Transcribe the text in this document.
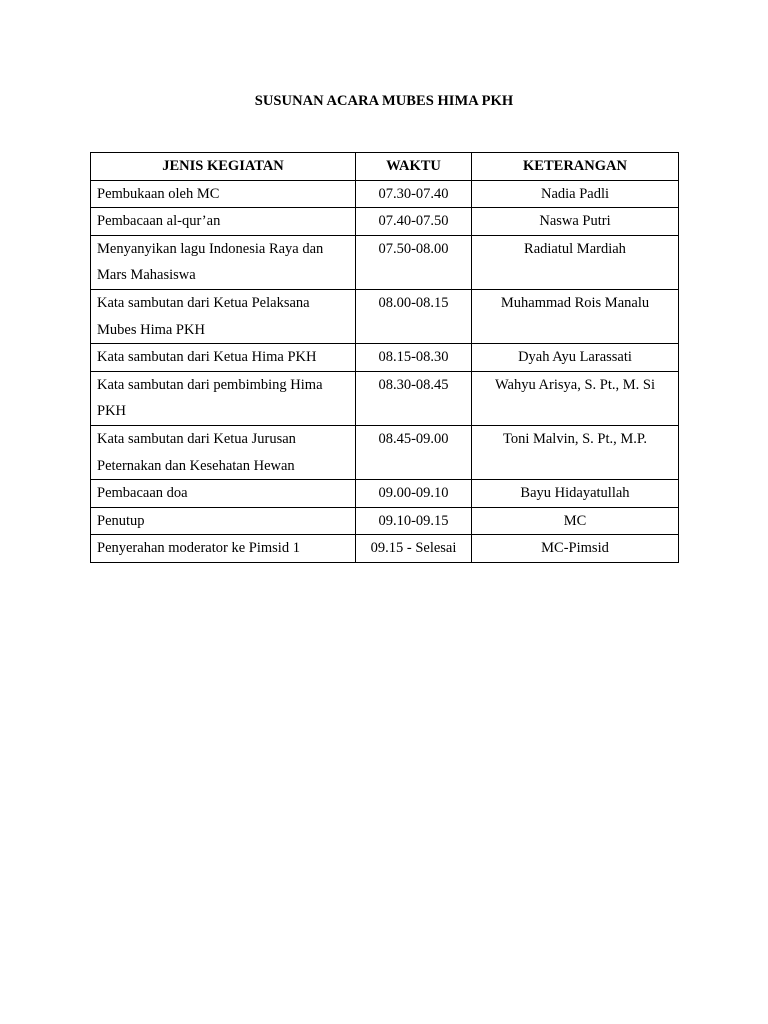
SUSUNAN ACARA MUBES HIMA PKH
JENIS KEGIATAN	WAKTU	KETERANGAN
Pembukaan oleh MC	07.30-07.40	Nadia Padli
Pembacaan al-qur’an	07.40-07.50	Naswa Putri
Menyanyikan lagu Indonesia Raya dan Mars Mahasiswa	07.50-08.00	Radiatul Mardiah
Kata sambutan dari Ketua Pelaksana Mubes Hima PKH	08.00-08.15	Muhammad Rois Manalu
Kata sambutan dari Ketua Hima PKH	08.15-08.30	Dyah Ayu Larassati
Kata sambutan dari pembimbing Hima PKH	08.30-08.45	Wahyu Arisya, S. Pt., M. Si
Kata sambutan dari Ketua Jurusan Peternakan dan Kesehatan Hewan	08.45-09.00	Toni Malvin, S. Pt., M.P.
Pembacaan doa	09.00-09.10	Bayu Hidayatullah
Penutup	09.10-09.15	MC
Penyerahan moderator ke Pimsid 1	09.15 - Selesai	MC-Pimsid
